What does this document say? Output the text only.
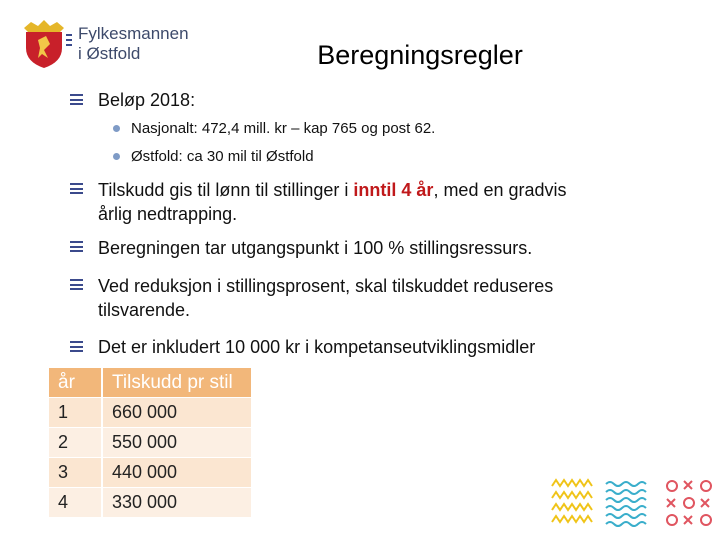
Fylkesmannen
i Østfold	Beregningsregler
Beløp 2018:
Nasjonalt: 472,4 mill. kr – kap 765 og post 62.
Østfold: ca 30 mil til Østfold
Tilskudd gis til lønn til stillinger i inntil 4 år, med en gradvis
årlig nedtrapping.
Beregningen tar utgangspunkt i 100 % stillingsressurs.
Ved reduksjon i stillingsprosent, skal tilskuddet reduseres
tilsvarende.
Det er inkludert 10 000 kr i kompetanseutviklingsmidler
år	Tilskudd pr stil
1	660 000
2	550 000
3	440 000
4	330 000
